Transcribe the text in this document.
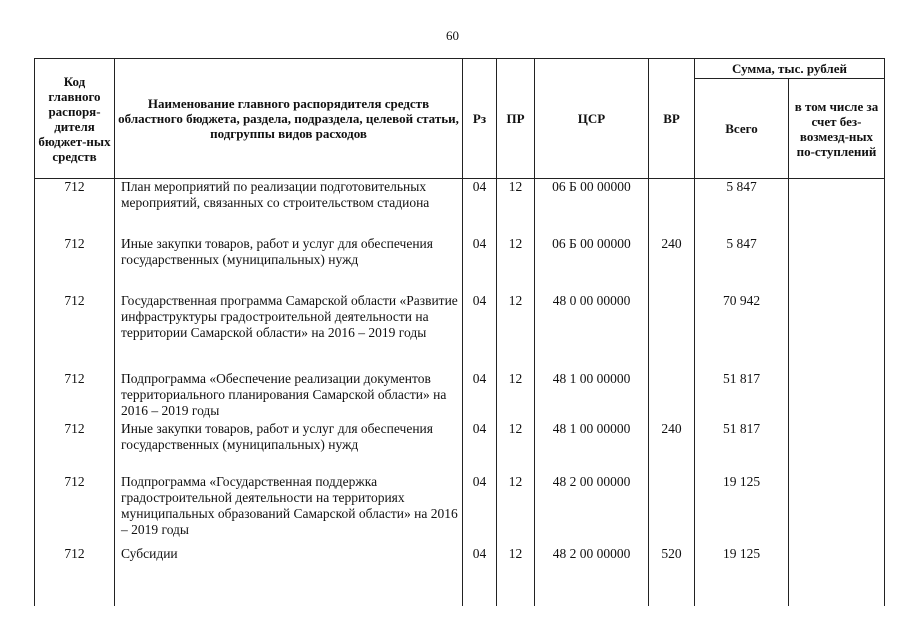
60
Код главного распоря-дителя бюджет-ных средств	Наименование главного распорядителя средств областного бюджета, раздела, подраздела, целевой статьи, подгруппы видов расходов	Рз	ПР	ЦСР	ВР	Сумма, тыс. рублей	
						Всего	в том числе за счет без-возмезд-ных по-ступлений
712	План мероприятий по реализации подготовительных мероприятий, связанных со строительством стадиона	04	12	06 Б 00 00000		5 847	
712	Иные закупки товаров, работ и услуг для обеспечения государственных (муниципальных) нужд	04	12	06 Б 00 00000	240	5 847	
712	Государственная программа Самарской области «Развитие инфраструктуры градостроительной деятельности на территории Самарской области» на 2016 – 2019 годы	04	12	48 0 00 00000		70 942	
712	Подпрограмма «Обеспечение реализации документов территориального планирования Самарской области» на 2016 – 2019 годы	04	12	48 1 00 00000		51 817	
712	Иные закупки товаров, работ и услуг для обеспечения государственных (муниципальных) нужд	04	12	48 1 00 00000	240	51 817	
712	Подпрограмма «Государственная поддержка градостроительной деятельности на территориях муниципальных образований Самарской области» на 2016 – 2019 годы	04	12	48 2 00 00000		19 125	
712	Субсидии	04	12	48 2 00 00000	520	19 125	
